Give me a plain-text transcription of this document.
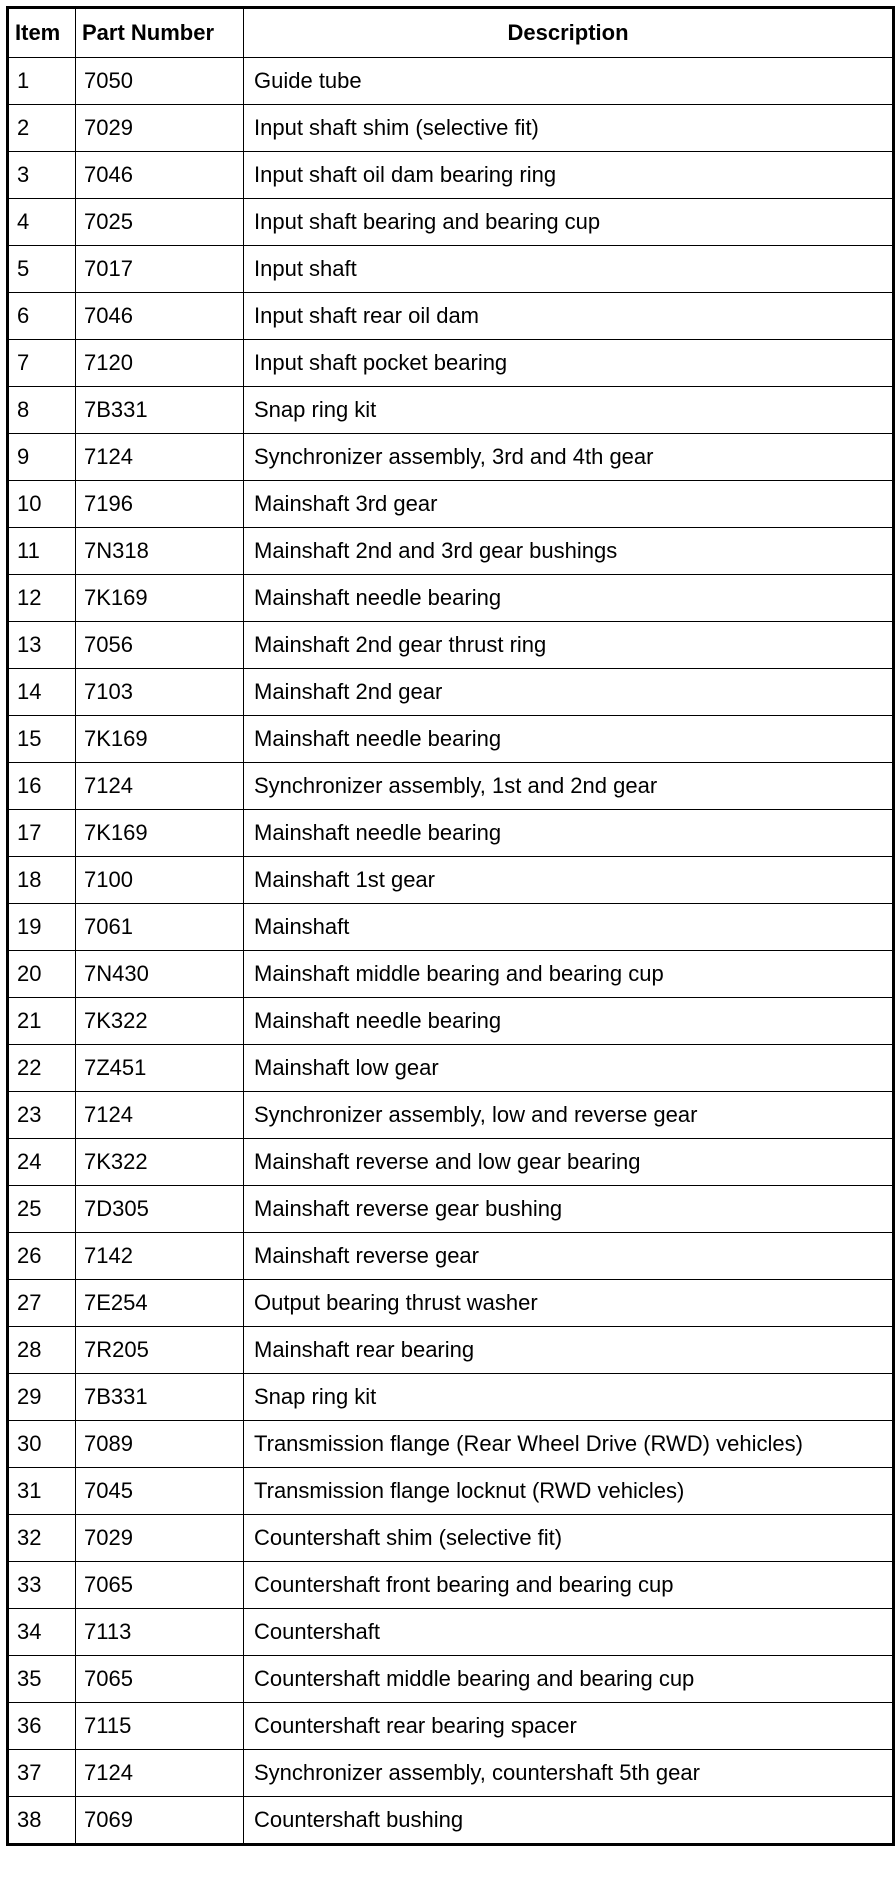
Item	Part Number	Description
1	7050	Guide tube
2	7029	Input shaft shim (selective fit)
3	7046	Input shaft oil dam bearing ring
4	7025	Input shaft bearing and bearing cup
5	7017	Input shaft
6	7046	Input shaft rear oil dam
7	7120	Input shaft pocket bearing
8	7B331	Snap ring kit
9	7124	Synchronizer assembly, 3rd and 4th gear
10	7196	Mainshaft 3rd gear
11	7N318	Mainshaft 2nd and 3rd gear bushings
12	7K169	Mainshaft needle bearing
13	7056	Mainshaft 2nd gear thrust ring
14	7103	Mainshaft 2nd gear
15	7K169	Mainshaft needle bearing
16	7124	Synchronizer assembly, 1st and 2nd gear
17	7K169	Mainshaft needle bearing
18	7100	Mainshaft 1st gear
19	7061	Mainshaft
20	7N430	Mainshaft middle bearing and bearing cup
21	7K322	Mainshaft needle bearing
22	7Z451	Mainshaft low gear
23	7124	Synchronizer assembly, low and reverse gear
24	7K322	Mainshaft reverse and low gear bearing
25	7D305	Mainshaft reverse gear bushing
26	7142	Mainshaft reverse gear
27	7E254	Output bearing thrust washer
28	7R205	Mainshaft rear bearing
29	7B331	Snap ring kit
30	7089	Transmission flange (Rear Wheel Drive (RWD) vehicles)
31	7045	Transmission flange locknut (RWD vehicles)
32	7029	Countershaft shim (selective fit)
33	7065	Countershaft front bearing and bearing cup
34	7113	Countershaft
35	7065	Countershaft middle bearing and bearing cup
36	7115	Countershaft rear bearing spacer
37	7124	Synchronizer assembly, countershaft 5th gear
38	7069	Countershaft bushing
